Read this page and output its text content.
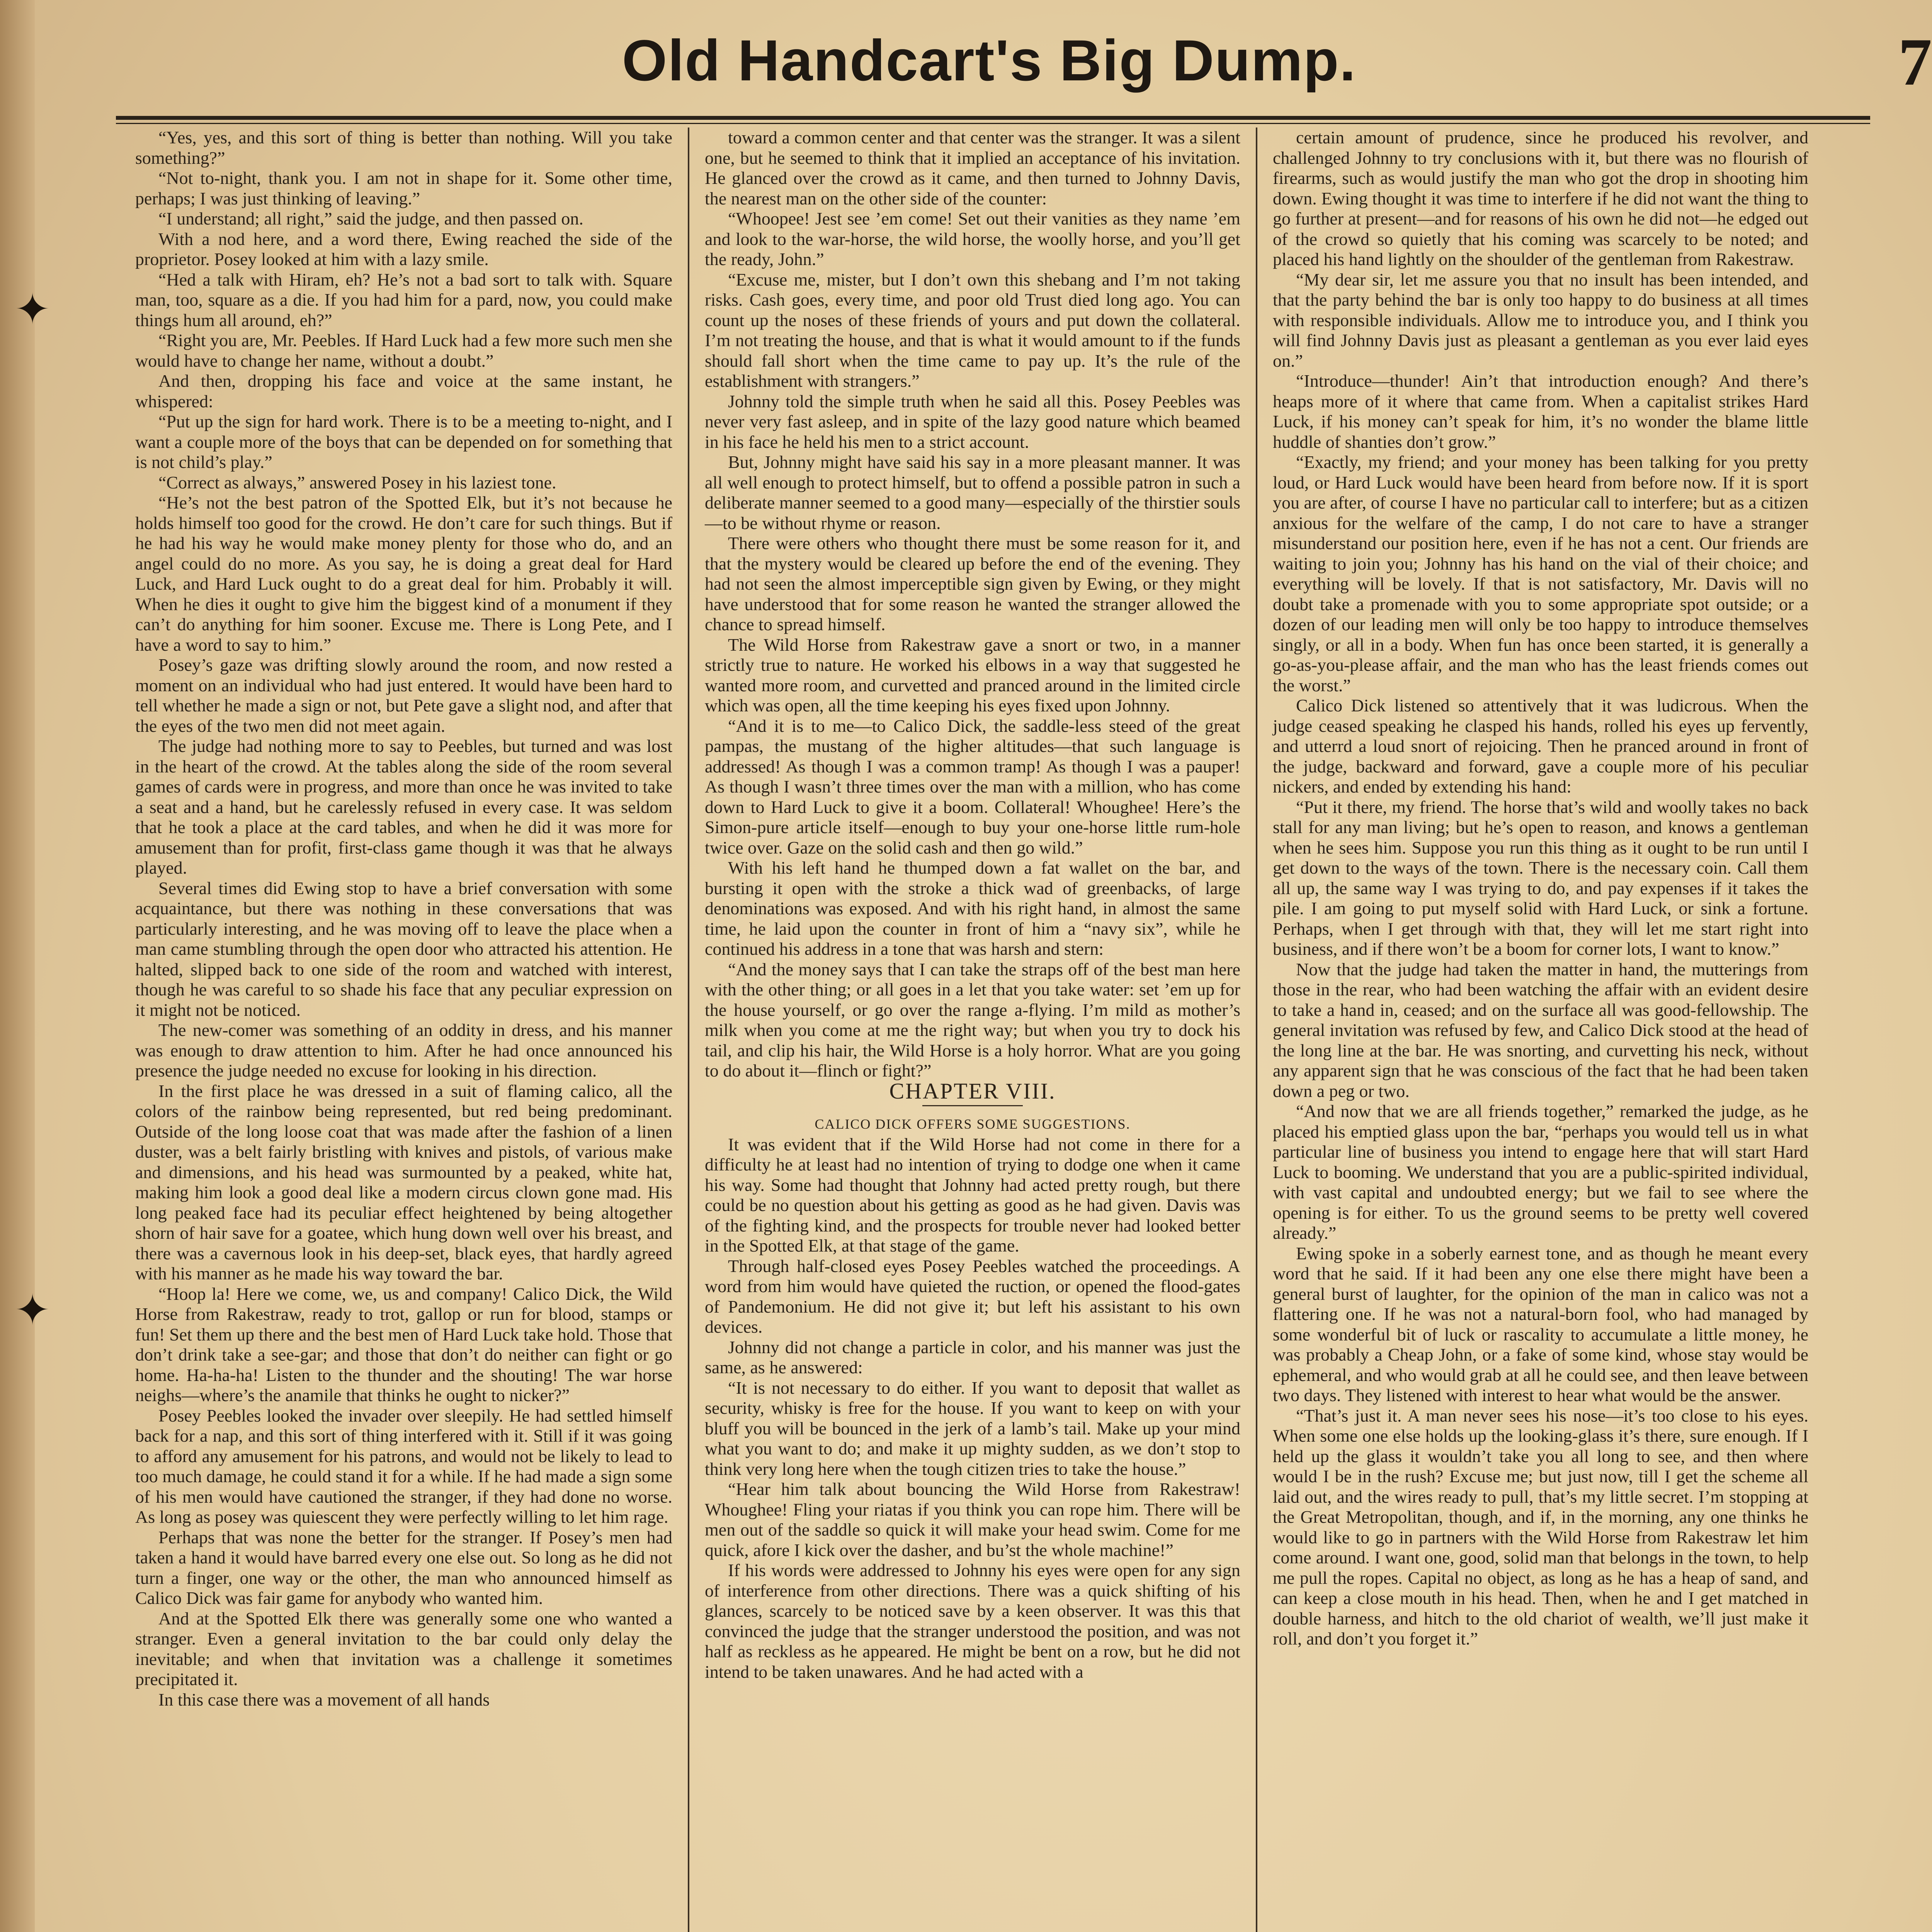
✦
✦
Old Handcart's Big Dump.	7

“Yes, yes, and this sort of thing is better than nothing. Will you take something?”

“Not to-night, thank you. I am not in shape for it. Some other time, perhaps; I was just thinking of leaving.”

“I understand; all right,” said the judge, and then passed on.

With a nod here, and a word there, Ewing reached the side of the proprietor. Posey looked at him with a lazy smile.

“Hed a talk with Hiram, eh? He’s not a bad sort to talk with. Square man, too, square as a die. If you had him for a pard, now, you could make things hum all around, eh?”

“Right you are, Mr. Peebles. If Hard Luck had a few more such men she would have to change her name, without a doubt.”

And then, dropping his face and voice at the same instant, he whispered:

“Put up the sign for hard work. There is to be a meeting to-night, and I want a couple more of the boys that can be depended on for something that is not child’s play.”

“Correct as always,” answered Posey in his laziest tone.

“He’s not the best patron of the Spotted Elk, but it’s not because he holds himself too good for the crowd. He don’t care for such things. But if he had his way he would make money plenty for those who do, and an angel could do no more. As you say, he is doing a great deal for Hard Luck, and Hard Luck ought to do a great deal for him. Probably it will. When he dies it ought to give him the biggest kind of a monument if they can’t do anything for him sooner. Excuse me. There is Long Pete, and I have a word to say to him.”

Posey’s gaze was drifting slowly around the room, and now rested a moment on an individual who had just entered. It would have been hard to tell whether he made a sign or not, but Pete gave a slight nod, and after that the eyes of the two men did not meet again.

The judge had nothing more to say to Peebles, but turned and was lost in the heart of the crowd. At the tables along the side of the room several games of cards were in progress, and more than once he was invited to take a seat and a hand, but he carelessly refused in every case. It was seldom that he took a place at the card tables, and when he did it was more for amusement than for profit, first-class game though it was that he always played.

Several times did Ewing stop to have a brief conversation with some acquaintance, but there was nothing in these conversations that was particularly interesting, and he was moving off to leave the place when a man came stumbling through the open door who attracted his attention. He halted, slipped back to one side of the room and watched with interest, though he was careful to so shade his face that any peculiar expression on it might not be noticed.

The new-comer was something of an oddity in dress, and his manner was enough to draw attention to him. After he had once announced his presence the judge needed no excuse for looking in his direction.

In the first place he was dressed in a suit of flaming calico, all the colors of the rainbow being represented, but red being predominant. Outside of the long loose coat that was made after the fashion of a linen duster, was a belt fairly bristling with knives and pistols, of various make and dimensions, and his head was surmounted by a peaked, white hat, making him look a good deal like a modern circus clown gone mad. His long peaked face had its peculiar effect heightened by being altogether shorn of hair save for a goatee, which hung down well over his breast, and there was a cavernous look in his deep-set, black eyes, that hardly agreed with his manner as he made his way toward the bar.

“Hoop la! Here we come, we, us and company! Calico Dick, the Wild Horse from Rakestraw, ready to trot, gallop or run for blood, stamps or fun! Set them up there and the best men of Hard Luck take hold. Those that don’t drink take a see-gar; and those that don’t do neither can fight or go home. Ha-ha-ha! Listen to the thunder and the shouting! The war horse neighs—where’s the anamile that thinks he ought to nicker?”

Posey Peebles looked the invader over sleepily. He had settled himself back for a nap, and this sort of thing interfered with it. Still if it was going to afford any amusement for his patrons, and would not be likely to lead to too much damage, he could stand it for a while. If he had made a sign some of his men would have cautioned the stranger, if they had done no worse. As long as posey was quiescent they were perfectly willing to let him rage.

Perhaps that was none the better for the stranger. If Posey’s men had taken a hand it would have barred every one else out. So long as he did not turn a finger, one way or the other, the man who announced himself as Calico Dick was fair game for anybody who wanted him.

And at the Spotted Elk there was generally some one who wanted a stranger. Even a general invitation to the bar could only delay the inevitable; and when that invitation was a challenge it sometimes precipitated it.

In this case there was a movement of all hands

toward a common center and that center was the stranger. It was a silent one, but he seemed to think that it implied an acceptance of his invitation. He glanced over the crowd as it came, and then turned to Johnny Davis, the nearest man on the other side of the counter:

“Whoopee! Jest see ’em come! Set out their vanities as they name ’em and look to the war-horse, the wild horse, the woolly horse, and you’ll get the ready, John.”

“Excuse me, mister, but I don’t own this shebang and I’m not taking risks. Cash goes, every time, and poor old Trust died long ago. You can count up the noses of these friends of yours and put down the collateral. I’m not treating the house, and that is what it would amount to if the funds should fall short when the time came to pay up. It’s the rule of the establishment with strangers.”

Johnny told the simple truth when he said all this. Posey Peebles was never very fast asleep, and in spite of the lazy good nature which beamed in his face he held his men to a strict account.

But, Johnny might have said his say in a more pleasant manner. It was all well enough to protect himself, but to offend a possible patron in such a deliberate manner seemed to a good many—especially of the thirstier souls—to be without rhyme or reason.

There were others who thought there must be some reason for it, and that the mystery would be cleared up before the end of the evening. They had not seen the almost imperceptible sign given by Ewing, or they might have understood that for some reason he wanted the stranger allowed the chance to spread himself.

The Wild Horse from Rakestraw gave a snort or two, in a manner strictly true to nature. He worked his elbows in a way that suggested he wanted more room, and curvetted and pranced around in the limited circle which was open, all the time keeping his eyes fixed upon Johnny.

“And it is to me—to Calico Dick, the saddle-less steed of the great pampas, the mustang of the higher altitudes—that such language is addressed! As though I was a common tramp! As though I was a pauper! As though I wasn’t three times over the man with a million, who has come down to Hard Luck to give it a boom. Collateral! Whoughee! Here’s the Simon-pure article itself—enough to buy your one-horse little rum-hole twice over. Gaze on the solid cash and then go wild.”

With his left hand he thumped down a fat wallet on the bar, and bursting it open with the stroke a thick wad of greenbacks, of large denominations was exposed. And with his right hand, in almost the same time, he laid upon the counter in front of him a “navy six”, while he continued his address in a tone that was harsh and stern:

“And the money says that I can take the straps off of the best man here with the other thing; or all goes in a let that you take water: set ’em up for the house yourself, or go over the range a-flying. I’m mild as mother’s milk when you come at me the right way; but when you try to dock his tail, and clip his hair, the Wild Horse is a holy horror. What are you going to do about it—flinch or fight?”

CHAPTER VIII.

CALICO DICK OFFERS SOME SUGGESTIONS.

It was evident that if the Wild Horse had not come in there for a difficulty he at least had no intention of trying to dodge one when it came his way. Some had thought that Johnny had acted pretty rough, but there could be no question about his getting as good as he had given. Davis was of the fighting kind, and the prospects for trouble never had looked better in the Spotted Elk, at that stage of the game.

Through half-closed eyes Posey Peebles watched the proceedings. A word from him would have quieted the ruction, or opened the flood-gates of Pandemonium. He did not give it; but left his assistant to his own devices.

Johnny did not change a particle in color, and his manner was just the same, as he answered:

“It is not necessary to do either. If you want to deposit that wallet as security, whisky is free for the house. If you want to keep on with your bluff you will be bounced in the jerk of a lamb’s tail. Make up your mind what you want to do; and make it up mighty sudden, as we don’t stop to think very long here when the tough citizen tries to take the house.”

“Hear him talk about bouncing the Wild Horse from Rakestraw! Whoughee! Fling your riatas if you think you can rope him. There will be men out of the saddle so quick it will make your head swim. Come for me quick, afore I kick over the dasher, and bu’st the whole machine!”

If his words were addressed to Johnny his eyes were open for any sign of interference from other directions. There was a quick shifting of his glances, scarcely to be noticed save by a keen observer. It was this that convinced the judge that the stranger understood the position, and was not half as reckless as he appeared. He might be bent on a row, but he did not intend to be taken unawares. And he had acted with a

certain amount of prudence, since he produced his revolver, and challenged Johnny to try conclusions with it, but there was no flourish of firearms, such as would justify the man who got the drop in shooting him down. Ewing thought it was time to interfere if he did not want the thing to go further at present—and for reasons of his own he did not—he edged out of the crowd so quietly that his coming was scarcely to be noted; and placed his hand lightly on the shoulder of the gentleman from Rakestraw.

“My dear sir, let me assure you that no insult has been intended, and that the party behind the bar is only too happy to do business at all times with responsible individuals. Allow me to introduce you, and I think you will find Johnny Davis just as pleasant a gentleman as you ever laid eyes on.”

“Introduce—thunder! Ain’t that introduction enough? And there’s heaps more of it where that came from. When a capitalist strikes Hard Luck, if his money can’t speak for him, it’s no wonder the blame little huddle of shanties don’t grow.”

“Exactly, my friend; and your money has been talking for you pretty loud, or Hard Luck would have been heard from before now. If it is sport you are after, of course I have no particular call to interfere; but as a citizen anxious for the welfare of the camp, I do not care to have a stranger misunderstand our position here, even if he has not a cent. Our friends are waiting to join you; Johnny has his hand on the vial of their choice; and everything will be lovely. If that is not satisfactory, Mr. Davis will no doubt take a promenade with you to some appropriate spot outside; or a dozen of our leading men will only be too happy to introduce themselves singly, or all in a body. When fun has once been started, it is generally a go-as-you-please affair, and the man who has the least friends comes out the worst.”

Calico Dick listened so attentively that it was ludicrous. When the judge ceased speaking he clasped his hands, rolled his eyes up fervently, and utterrd a loud snort of rejoicing. Then he pranced around in front of the judge, backward and forward, gave a couple more of his peculiar nickers, and ended by extending his hand:

“Put it there, my friend. The horse that’s wild and woolly takes no back stall for any man living; but he’s open to reason, and knows a gentleman when he sees him. Suppose you run this thing as it ought to be run until I get down to the ways of the town. There is the necessary coin. Call them all up, the same way I was trying to do, and pay expenses if it takes the pile. I am going to put myself solid with Hard Luck, or sink a fortune. Perhaps, when I get through with that, they will let me start right into business, and if there won’t be a boom for corner lots, I want to know.”

Now that the judge had taken the matter in hand, the mutterings from those in the rear, who had been watching the affair with an evident desire to take a hand in, ceased; and on the surface all was good-fellowship. The general invitation was refused by few, and Calico Dick stood at the head of the long line at the bar. He was snorting, and curvetting his neck, without any apparent sign that he was conscious of the fact that he had been taken down a peg or two.

“And now that we are all friends together,” remarked the judge, as he placed his emptied glass upon the bar, “perhaps you would tell us in what particular line of business you intend to engage here that will start Hard Luck to booming. We understand that you are a public-spirited individual, with vast capital and undoubted energy; but we fail to see where the opening is for either. To us the ground seems to be pretty well covered already.”

Ewing spoke in a soberly earnest tone, and as though he meant every word that he said. If it had been any one else there might have been a general burst of laughter, for the opinion of the man in calico was not a flattering one. If he was not a natural-born fool, who had managed by some wonderful bit of luck or rascality to accumulate a little money, he was probably a Cheap John, or a fake of some kind, whose stay would be ephemeral, and who would grab at all he could see, and then leave between two days. They listened with interest to hear what would be the answer.

“That’s just it. A man never sees his nose—it’s too close to his eyes. When some one else holds up the looking-glass it’s there, sure enough. If I held up the glass it wouldn’t take you all long to see, and then where would I be in the rush? Excuse me; but just now, till I get the scheme all laid out, and the wires ready to pull, that’s my little secret. I’m stopping at the Great Metropolitan, though, and if, in the morning, any one thinks he would like to go in partners with the Wild Horse from Rakestraw let him come around. I want one, good, solid man that belongs in the town, to help me pull the ropes. Capital no object, as long as he has a heap of sand, and can keep a close mouth in his head. Then, when he and I get matched in double harness, and hitch to the old chariot of wealth, we’ll just make it roll, and don’t you forget it.”
